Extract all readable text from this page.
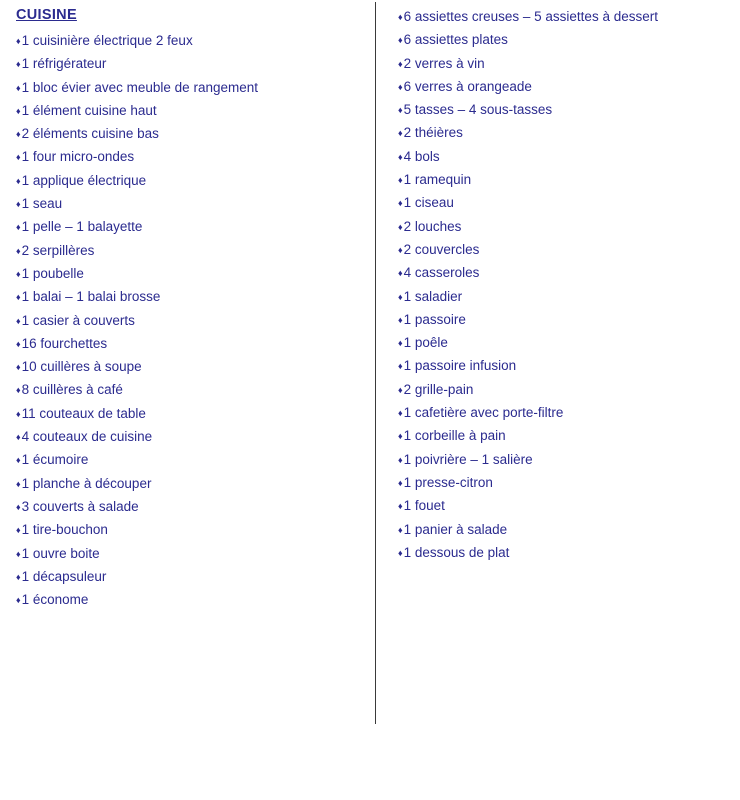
CUISINE
♦ 1 cuisinière électrique 2 feux
♦ 1 réfrigérateur
♦ 1 bloc évier avec meuble de rangement
♦ 1 élément cuisine haut
♦ 2 éléments cuisine bas
♦ 1 four micro-ondes
♦ 1 applique électrique
♦ 1 seau
♦ 1 pelle – 1 balayette
♦ 2 serpillères
♦ 1 poubelle
♦ 1 balai – 1 balai brosse
♦ 1 casier à couverts
♦ 16 fourchettes
♦ 10 cuillères à soupe
♦ 8 cuillères à café
♦ 11 couteaux de table
♦ 4 couteaux de cuisine
♦ 1 écumoire
♦ 1 planche à découper
♦ 3 couverts à salade
♦ 1 tire-bouchon
♦ 1 ouvre boite
♦ 1 décapsuleur
♦ 1 économe
♦ 6 assiettes creuses – 5 assiettes à dessert
♦ 6 assiettes plates
♦ 2 verres à vin
♦ 6 verres à orangeade
♦ 5 tasses – 4 sous-tasses
♦ 2 théières
♦ 4 bols
♦ 1 ramequin
♦ 1 ciseau
♦ 2 louches
♦ 2 couvercles
♦ 4 casseroles
♦ 1 saladier
♦ 1 passoire
♦ 1 poêle
♦ 1 passoire infusion
♦ 2 grille-pain
♦ 1 cafetière avec porte-filtre
♦ 1 corbeille à pain
♦ 1 poivrière – 1 salière
♦ 1 presse-citron
♦ 1 fouet
♦ 1 panier à salade
♦ 1 dessous de plat
